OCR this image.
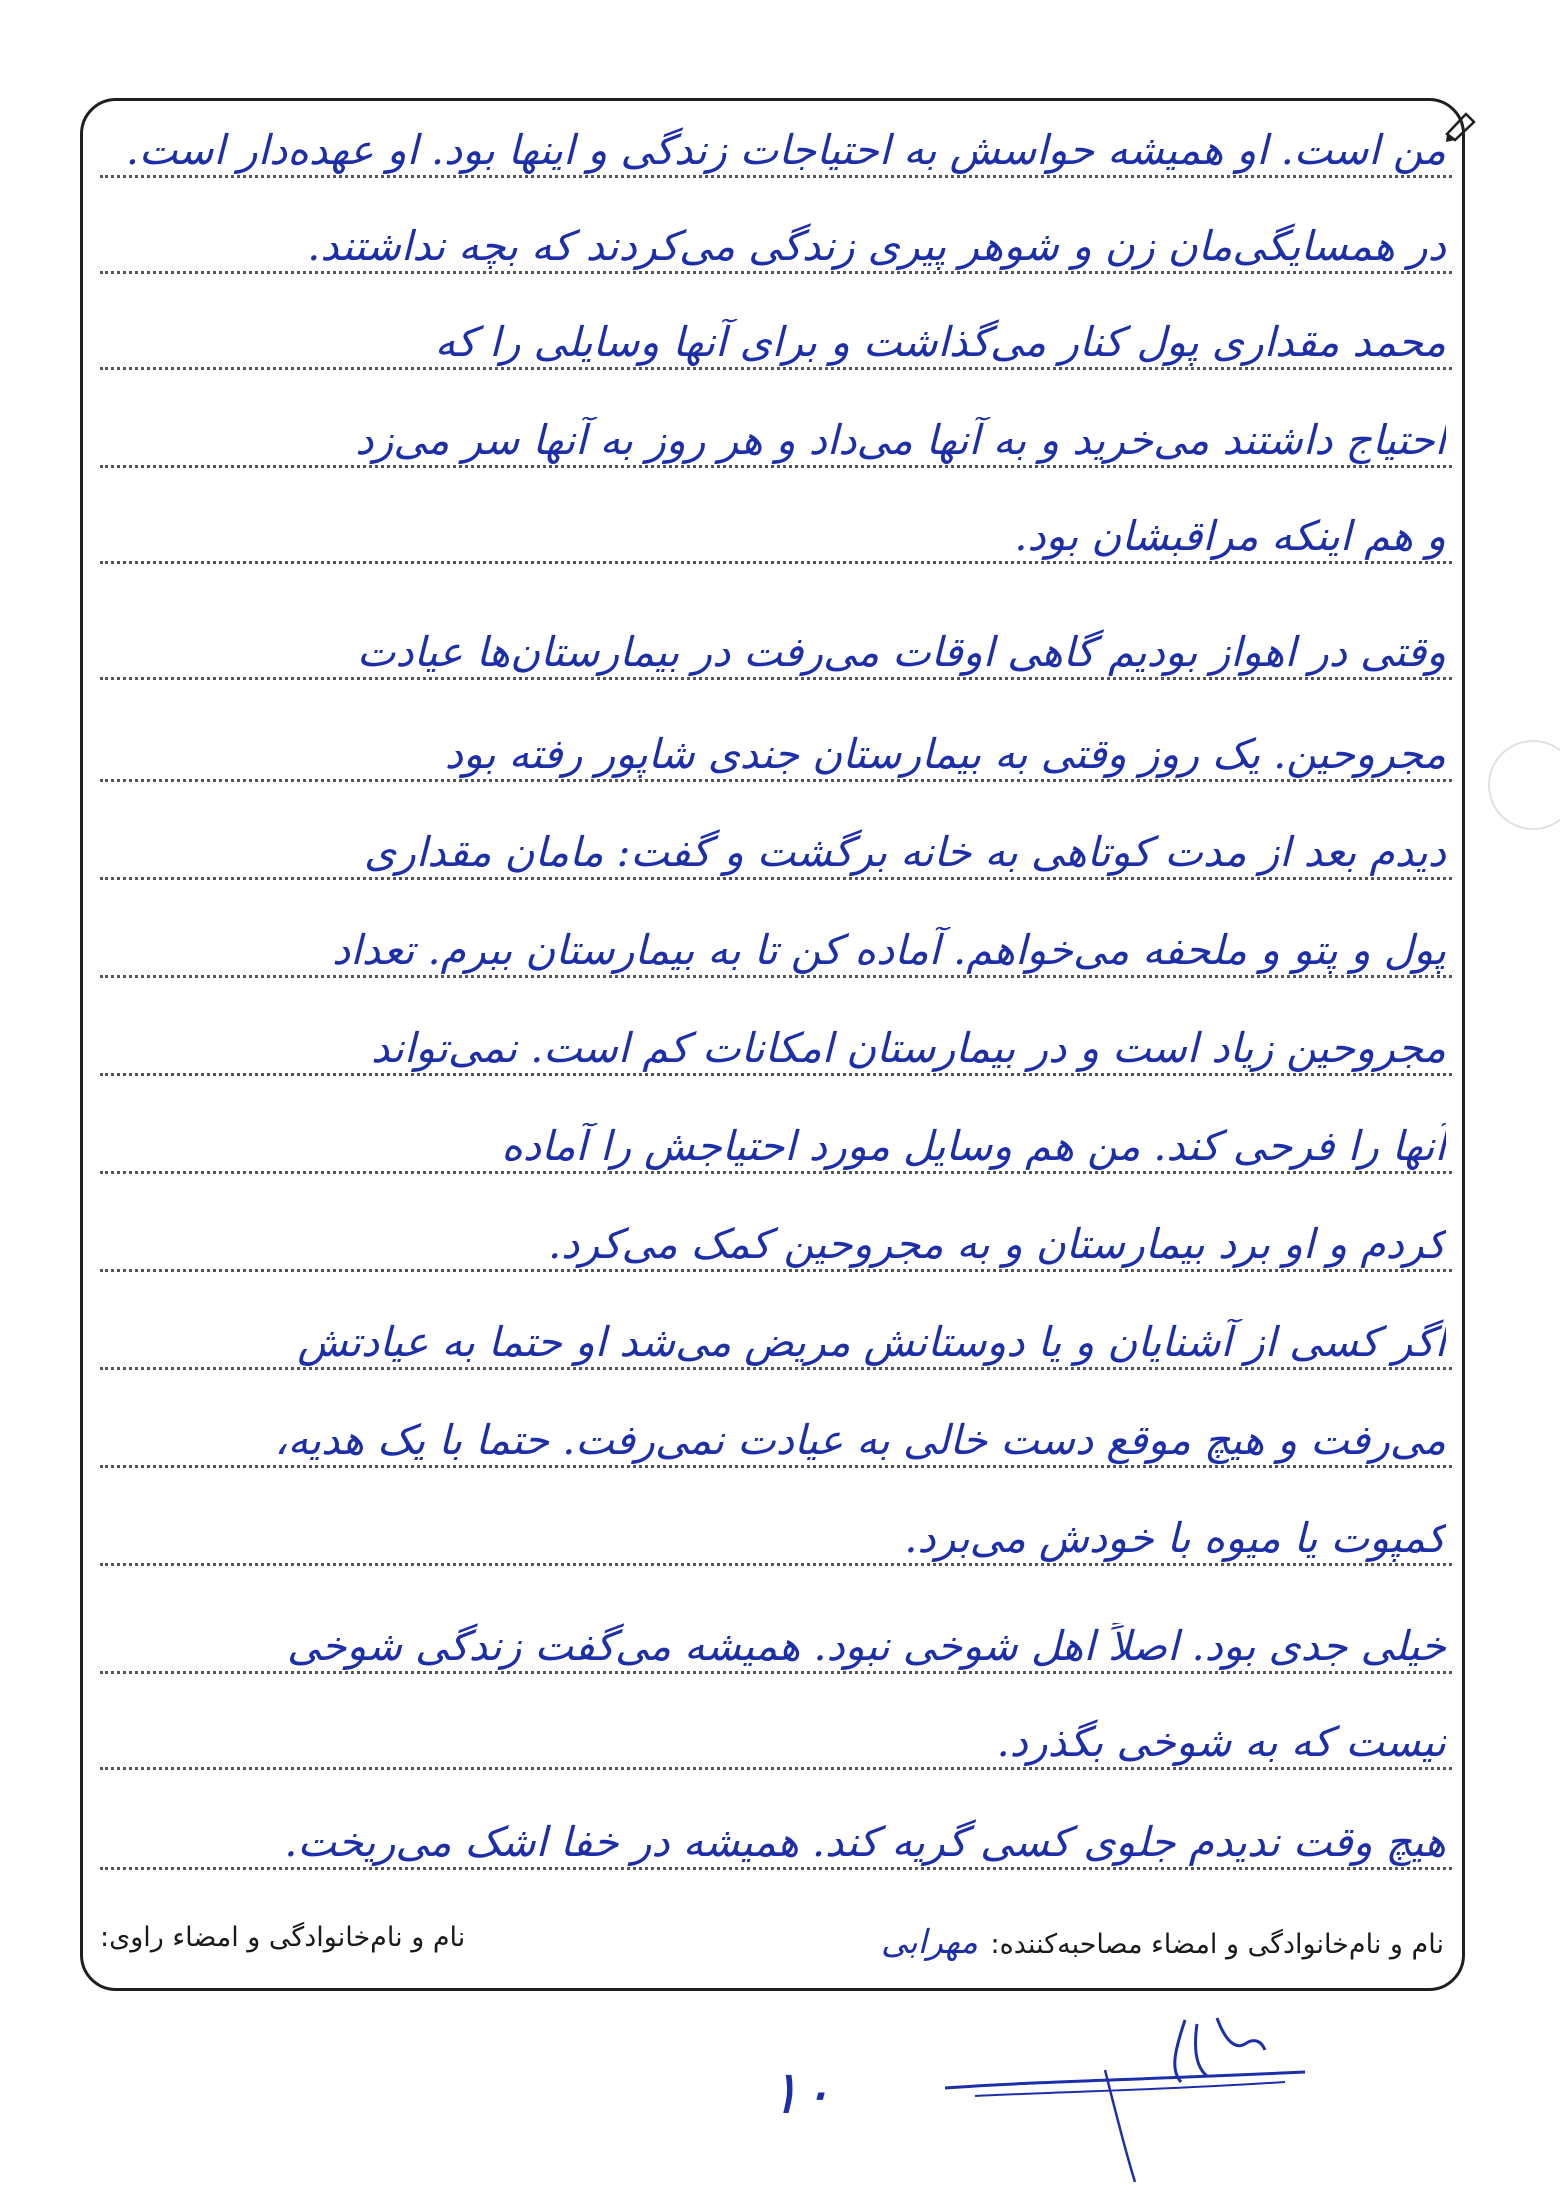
من است. او همیشه حواسش به احتیاجات زندگی و اینها بود. او عهده‌دار است.
در همسایگی‌مان زن و شوهر پیری زندگی می‌کردند که بچه نداشتند.
محمد مقداری پول کنار می‌گذاشت و برای آنها وسایلی را که
احتیاج داشتند می‌خرید و به آنها می‌داد و هر روز به آنها سر می‌زد
و هم اینکه مراقبشان بود.
وقتی در اهواز بودیم گاهی اوقات می‌رفت در بیمارستان‌ها عیادت
مجروحین. یک روز وقتی به بیمارستان جندی شاپور رفته بود
دیدم بعد از مدت کوتاهی به خانه برگشت و گفت: مامان مقداری
پول و پتو و ملحفه می‌خواهم. آماده کن تا به بیمارستان ببرم. تعداد
مجروحین زیاد است و در بیمارستان امکانات کم است. نمی‌تواند
آنها را فرحی کند. من هم وسایل مورد احتیاجش را آماده
کردم و او برد بیمارستان و به مجروحین کمک می‌کرد.
اگر کسی از آشنایان و یا دوستانش مریض می‌شد او حتما به عیادتش
می‌رفت و هیچ موقع دست خالی به عیادت نمی‌رفت. حتما با یک هدیه،
کمپوت یا میوه با خودش می‌برد.
خیلی جدی بود. اصلاً اهل شوخی نبود. همیشه می‌گفت زندگی شوخی
نیست که به شوخی بگذرد.
هیچ وقت ندیدم جلوی کسی گریه کند. همیشه در خفا اشک می‌ریخت.
نام و نام‌خانوادگی و امضاء مصاحبه‌کننده: مهرابی
نام و نام‌خانوادگی و امضاء راوی:
۱۰
